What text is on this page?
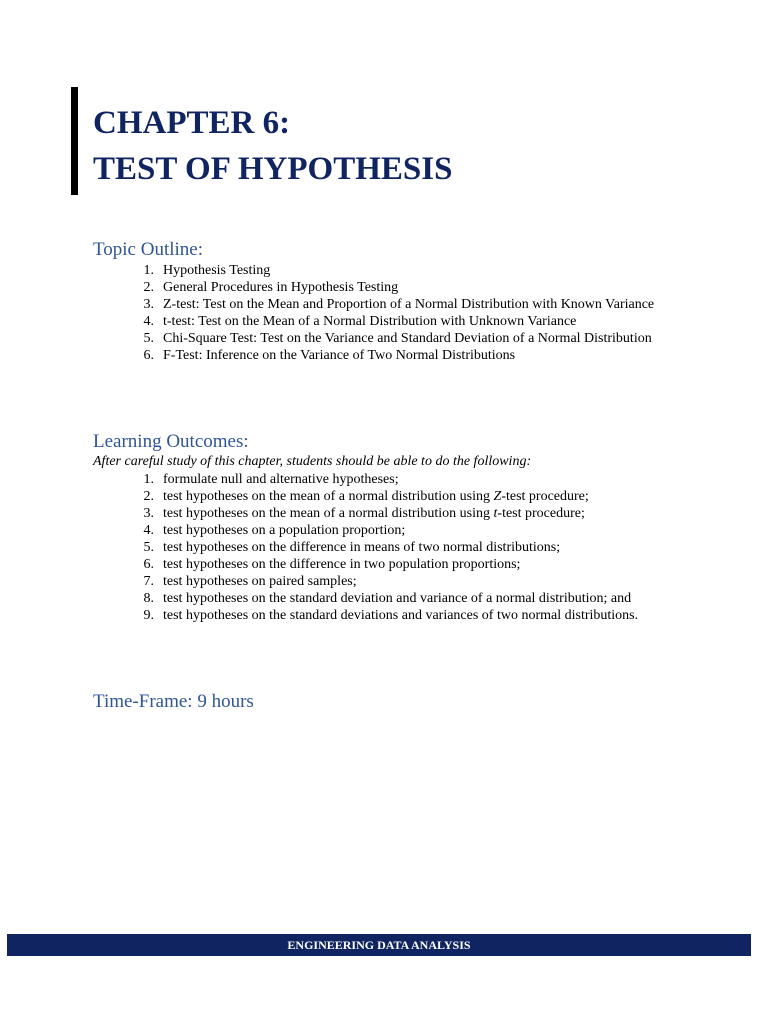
CHAPTER 6:
TEST OF HYPOTHESIS
Topic Outline:
1. Hypothesis Testing
2. General Procedures in Hypothesis Testing
3. Z-test: Test on the Mean and Proportion of a Normal Distribution with Known Variance
4. t-test: Test on the Mean of a Normal Distribution with Unknown Variance
5. Chi-Square Test: Test on the Variance and Standard Deviation of a Normal Distribution
6. F-Test: Inference on the Variance of Two Normal Distributions
Learning Outcomes:

After careful study of this chapter, students should be able to do the following:

1. formulate null and alternative hypotheses;
2. test hypotheses on the mean of a normal distribution using Z-test procedure;
3. test hypotheses on the mean of a normal distribution using t-test procedure;
4. test hypotheses on a population proportion;
5. test hypotheses on the difference in means of two normal distributions;
6. test hypotheses on the difference in two population proportions;
7. test hypotheses on paired samples;
8. test hypotheses on the standard deviation and variance of a normal distribution; and
9. test hypotheses on the standard deviations and variances of two normal distributions.
Time-Frame: 9 hours
ENGINEERING DATA ANALYSIS
